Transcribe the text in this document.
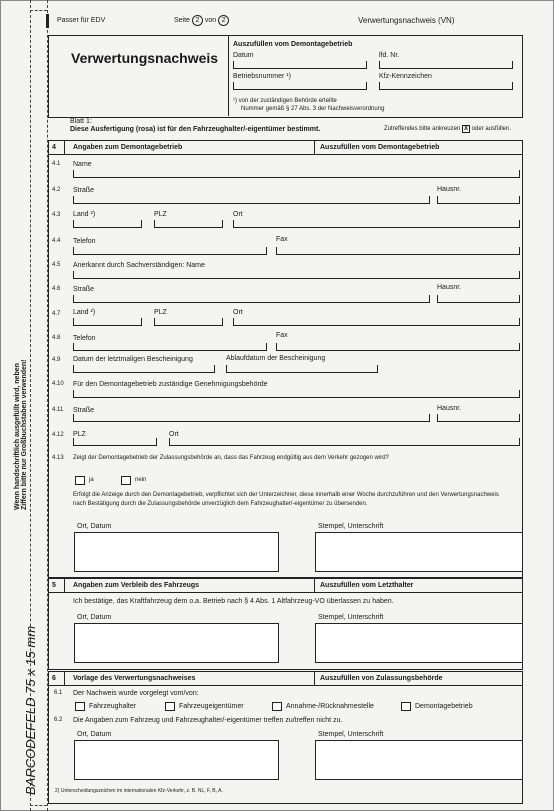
Wenn handschriftlich ausgefüllt wird, neben Ziffern bitte nur Großbuchstaben verwenden!
BARCODEFELD 75 x 15 mm
Passer für EDV	Seite 2 von 2	Verwertungsnachweis (VN)
Verwertungsnachweis
Auszufüllen vom Demontagebetrieb
Datum	lfd. Nr.
Betriebsnummer ¹)	Kfz-Kennzeichen
¹) von der zuständigen Behörde erteilte
Nummer gemäß § 27 Abs. 3 der Nachweisverordnung
Blatt 1:
Diese Ausfertigung (rosa) ist für den Fahrzeughalter/-eigentümer bestimmt.	Zutreffendes bitte ankreuzen X oder ausfüllen.
4 Angaben zum Demontagebetrieb	Auszufüllen vom Demontagebetrieb
4.1 Name
4.2 Straße	Hausnr.
4.3 Land ²)	PLZ	Ort
4.4 Telefon	Fax
4.5 Anerkannt durch Sachverständigen: Name
4.6 Straße	Hausnr.
4.7 Land ²)	PLZ	Ort
4.8 Telefon	Fax
4.9 Datum der letztmaligen Bescheinigung	Ablaufdatum der Bescheinigung
4.10 Für den Demontagebetrieb zuständige Genehmigungsbehörde
4.11 Straße	Hausnr.
4.12 PLZ	Ort
4.13 Zeigt der Demontagebetrieb der Zulassungsbehörde an, dass das Fahrzeug endgültig aus dem Verkehr gezogen wird?
ja	nein
Erfolgt die Anzeige durch den Demontagebetrieb, verpflichtet sich der Unterzeichner, diese innerhalb einer Woche durchzuführen und den Verwertungsnachweis nach Bestätigung durch die Zulassungsbehörde unverzüglich dem Fahrzeughalter/-eigentümer zu übersenden.
Ort, Datum	Stempel, Unterschrift
5 Angaben zum Verbleib des Fahrzeugs	Auszufüllen vom Letzthalter
Ich bestätige, das Kraftfahrzeug dem o.a. Betrieb nach § 4 Abs. 1 Altfahrzeug-VO überlassen zu haben.
Ort, Datum	Stempel, Unterschrift
6 Vorlage des Verwertungsnachweises	Auszufüllen von Zulassungsbehörde
6.1 Der Nachweis wurde vorgelegt vom/von:
Fahrzeughalter	Fahrzeugeigentümer	Annahme-/Rücknahmestelle	Demontagebetrieb
6.2 Die Angaben zum Fahrzeug und Fahrzeughalter/-eigentümer treffen zu/treffen nicht zu.
Ort, Datum	Stempel, Unterschrift
2) Unterscheidungszeichen im internationalen Kfz-Verkehr, z. B. NL, F, B, A.
